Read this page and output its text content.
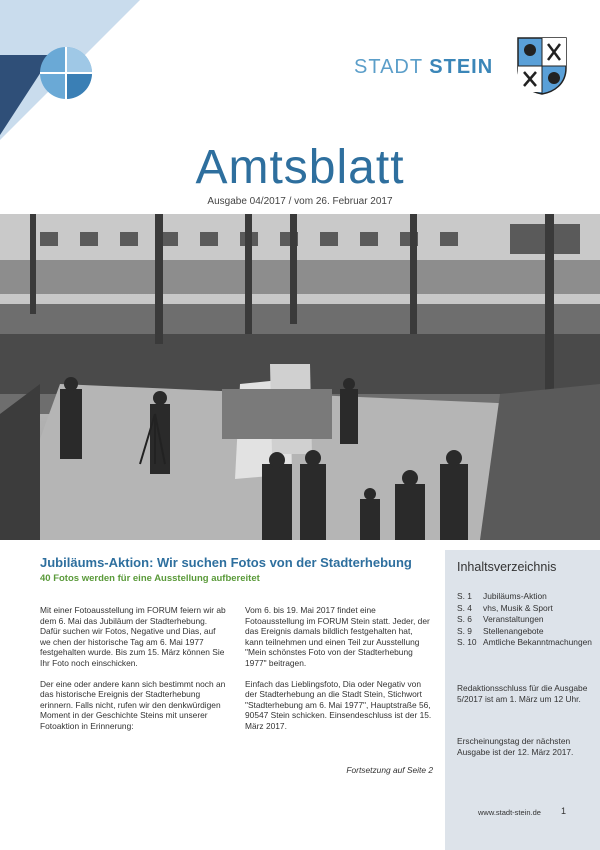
STADT STEIN
Amtsblatt
Ausgabe 04/2017 / vom 26. Februar 2017
Jubiläums-Aktion: Wir suchen Fotos von der Stadterhebung

40 Fotos werden für eine Ausstellung aufbereitet

Mit einer Fotoausstellung im FORUM feiern wir ab dem 6. Mai das Jubiläum der Stadterhebung. Dafür suchen wir Fotos, Negative und Dias, auf we chen der historische Tag am 6. Mai 1977 festgehalten wurde. Bis zum 15. März können Sie Ihr Foto noch einschicken.

Der eine oder andere kann sich bestimmt noch an das historische Ereignis der Stadterhebung erinnern. Falls nicht, rufen wir den denkwürdigen Moment in der Geschichte Steins mit unserer Fotoaktion in Erinnerung:

Vom 6. bis 19. Mai 2017 findet eine Fotoausstellung im FORUM Stein statt. Jeder, der das Ereignis damals bildlich festgehalten hat, kann teilnehmen und einen Teil zur Ausstellung "Mein schönstes Foto von der Stadterhebung 1977" beitragen.

Einfach das Lieblingsfoto, Dia oder Negativ von der Stadterhebung an die Stadt Stein, Stichwort "Stadterhebung am 6. Mai 1977", Hauptstraße 56, 90547 Stein schicken. Einsendeschluss ist der 15. März 2017.

Fortsetzung auf Seite 2
Inhaltsverzeichnis
S. 1	Jubiläums-Aktion
S. 4	vhs, Musik & Sport
S. 6	Veranstaltungen
S. 9	Stellenangebote
S. 10 Amtliche Bekanntmachungen
Redaktionsschluss für die Ausgabe 5/2017 ist am 1. März um 12 Uhr.
Erscheinungstag der nächsten Ausgabe ist der 12. März 2017.
www.stadt-stein.de 1
